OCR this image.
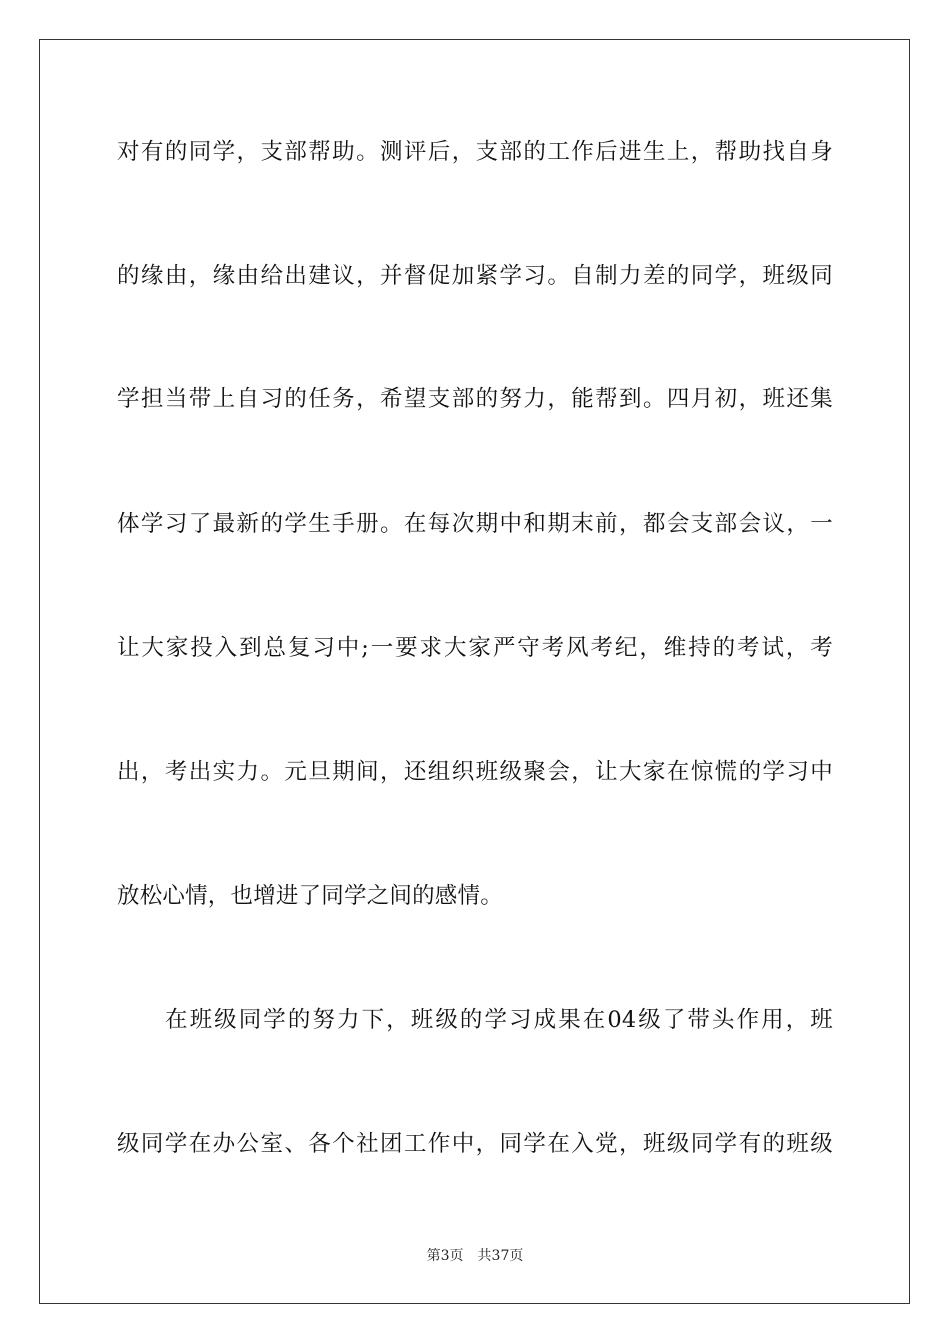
对有的同学，支部帮助。测评后，支部的工作后进生上，帮助找自身
的缘由，缘由给出建议，并督促加紧学习。自制力差的同学，班级同
学担当带上自习的任务，希望支部的努力，能帮到。四月初，班还集
体学习了最新的学生手册。在每次期中和期末前，都会支部会议，一
让大家投入到总复习中;一要求大家严守考风考纪，维持的考试，考
出，考出实力。元旦期间，还组织班级聚会，让大家在惊慌的学习中
放松心情，也增进了同学之间的感情。
在班级同学的努力下，班级的学习成果在04级了带头作用，班
级同学在办公室、各个社团工作中，同学在入党，班级同学有的班级
第3页 共37页
